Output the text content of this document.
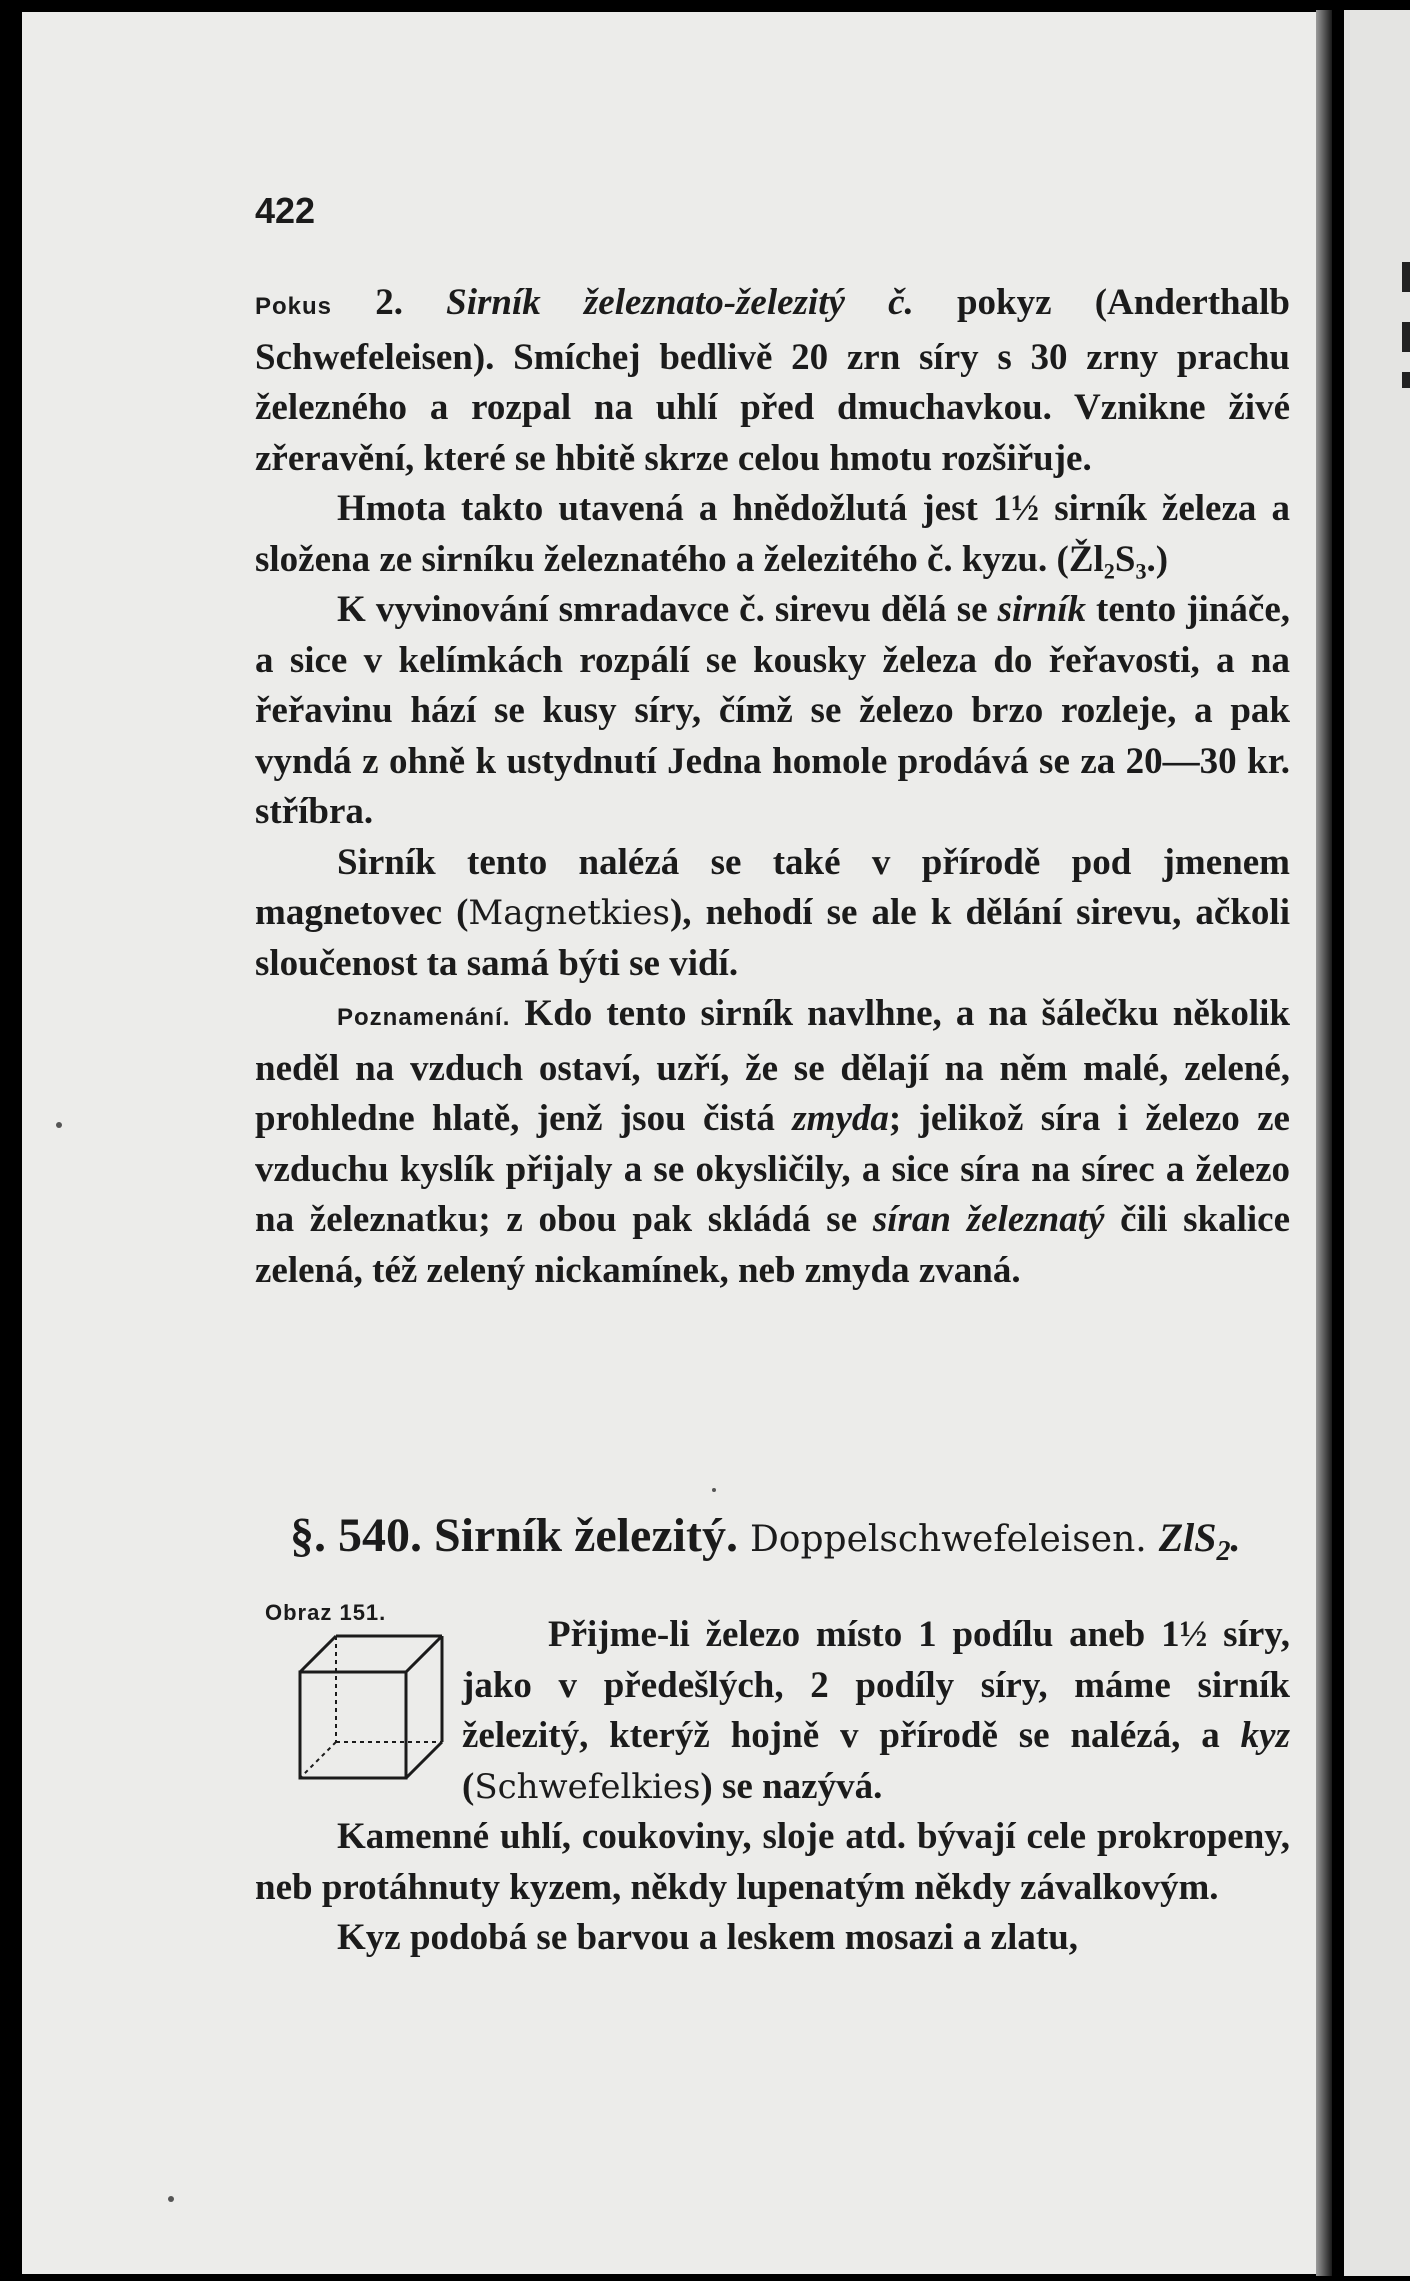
422

Pokus 2. Sirník železnato-železitý č. pokyz (Anderthalb Schwefeleisen). Smíchej bedlivě 20 zrn síry s 30 zrny prachu železného a rozpal na uhlí před dmuchavkou. Vznikne živé zřeravění, které se hbitě skrze celou hmotu rozšiřuje.

Hmota takto utavená a hnědožlutá jest 1½ sirník železa a složena ze sirníku železnatého a železitého č. kyzu. (Žl₂S₃.)

K vyvinování smradavce č. sirevu dělá se sirník tento jináče, a sice v kelímkách rozpálí se kousky železa do řeřavosti, a na řeřavinu hází se kusy síry, čímž se železo brzo rozleje, a pak vyndá z ohně k ustydnutí Jedna homole prodává se za 20—30 kr. stříbra.

Sirník tento nalézá se také v přírodě pod jmenem magnetovec (Magnetkies), nehodí se ale k dělání sirevu, ačkoli sloučenost ta samá býti se vidí.

Poznamenání. Kdo tento sirník navlhne, a na šálečku několik neděl na vzduch ostaví, uzří, že se dělají na něm malé, zelené, prohledne hlatě, jenž jsou čistá zmyda; jelikož síra i železo ze vzduchu kyslík přijaly a se okysličily, a sice síra na sírec a železo na železnatku; z obou pak skládá se síran železnatý čili skalice zelená, též zelený nickamínek, neb zmyda zvaná.

§. 540. Sirník železitý. Doppelschwefeleisen. ZlS$_2$.
Obraz 151.

Přijme-li železo místo 1 podílu aneb 1½ síry, jako v předešlých, 2 podíly síry, máme sirník železitý, kterýž hojně v přírodě se nalézá, a kyz (Schwefelkies) se nazývá.

Kamenné uhlí, coukoviny, sloje atd. bývají cele prokropeny, neb protáhnuty kyzem, někdy lupenatým někdy závalkovým.

Kyz podobá se barvou a leskem mosazi a zlatu,
